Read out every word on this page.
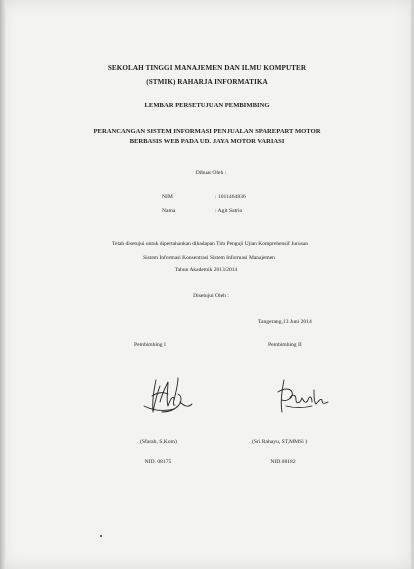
SEKOLAH TINGGI MANAJEMEN DAN ILMU KOMPUTER
(STMIK) RAHARJA INFORMATIKA
LEMBAR PERSETUJUAN PEMBIMBING
PERANCANGAN SISTEM INFORMASI PENJUALAN SPAREPART MOTOR
BERBASIS WEB PADA UD. JAYA MOTOR VARIASI
Dibuat Oleh :
NIM	: 1011464836
Nama	: Agit Satrio
Telah disetujui untuk dipertahankan dihadapan Tim Penguji Ujian Komprehensif Jurusan
Sistem Informasi Konsentrasi Sistem Informasi Manajemen
Tahun Akademik 2013/2014
Disetujui Oleh :
Tangerang,13 Juni 2014
Pembimbing I	Pembimbing II
(Sfarah, S.Kom)	(Sri Rahayu, ST,MMSi )
NID. 08175	NID.08182
